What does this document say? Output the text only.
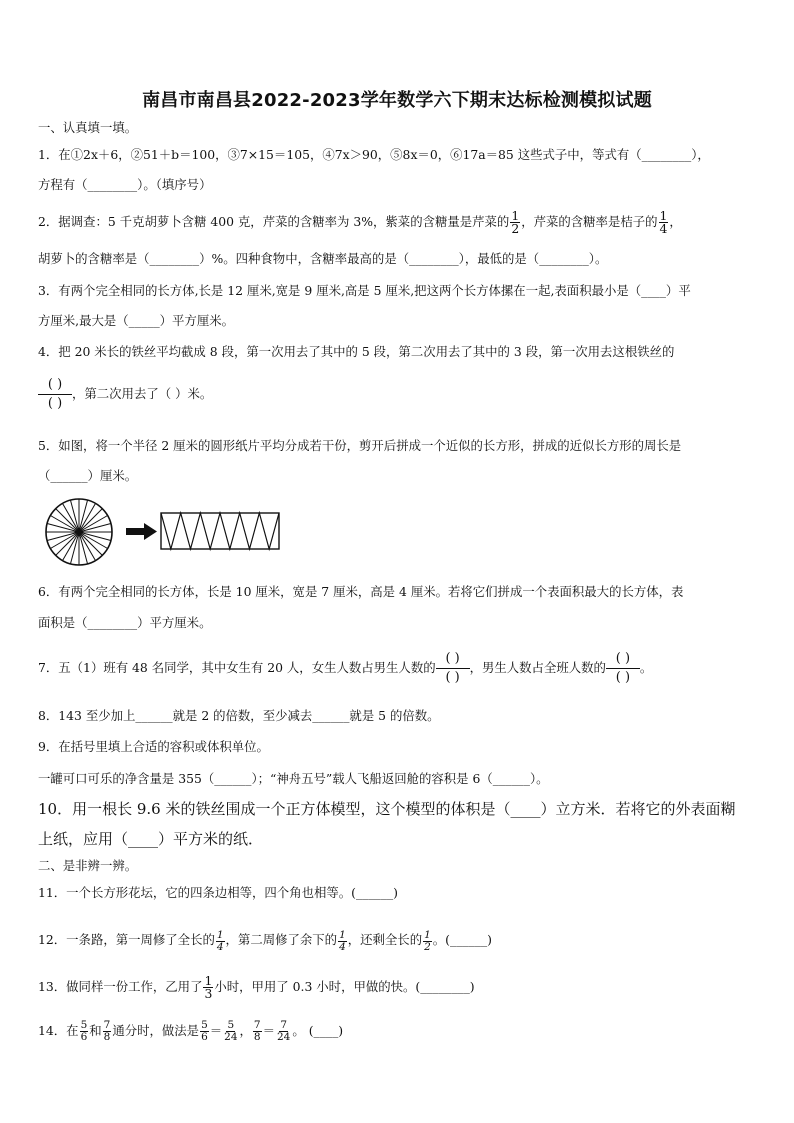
南昌市南昌县2022-2023学年数学六下期末达标检测模拟试题
一、认真填一填。
1．在①2x＋6，②51＋b＝100，③7×15＝105，④7x＞90，⑤8x＝0，⑥17a＝85 这些式子中，等式有（________），
方程有（________）。（填序号）
2．据调查：5 千克胡萝卜含糖 400 克，芹菜的含糖率为 3%，紫菜的含糖量是芹菜的 $\frac{1}{2}$ ，芹菜的含糖率是桔子的 $\frac{1}{4}$ ，
胡萝卜的含糖率是（________）%。四种食物中，含糖率最高的是（________），最低的是（________）。
3．有两个完全相同的长方体,长是 12 厘米,宽是 9 厘米,高是 5 厘米,把这两个长方体摞在一起,表面积最小是（____）平
方厘米,最大是（_____）平方厘米。
4．把 20 米长的铁丝平均截成 8 段，第一次用去了其中的 5 段，第二次用去了其中的 3 段，第一次用去这根铁丝的
( )
( )
，第二次用去了（ ）米。
5．如图，将一个半径 2 厘米的圆形纸片平均分成若干份，剪开后拼成一个近似的长方形，拼成的近似长方形的周长是
（______）厘米。
6．有两个完全相同的长方体，长是 10 厘米，宽是 7 厘米，高是 4 厘米。若将它们拼成一个表面积最大的长方体，表
面积是（________）平方厘米。
7．五（1）班有 48 名同学，其中女生有 20 人，女生人数占男生人数的
( )
( )
，男生人数占全班人数的
( )
( )
。
8．143 至少加上______就是 2 的倍数，至少减去______就是 5 的倍数。
9．在括号里填上合适的容积或体积单位。
一罐可口可乐的净含量是 355（______）；“神舟五号”载人飞船返回舱的容积是 6（______）。
10．用一根长 9.6 米的铁丝围成一个正方体模型，这个模型的体积是（____）立方米．若将它的外表面糊
上纸，应用（____）平方米的纸．
二、是非辨一辨。
11．一个长方形花坛，它的四条边相等，四个角也相等。(______)
12．一条路，第一周修了全长的 $\frac{1}{4}$ ，第二周修了余下的 $\frac{1}{4}$ ，还剩全长的 $\frac{1}{2}$ 。(______)
13．做同样一份工作，乙用了 $\frac{1}{3}$ 小时，甲用了 0.3 小时，甲做的快。(________)
14．在 $\frac{5}{6}$ 和 $\frac{7}{8}$ 通分时，做法是 $\frac{5}{6} = \frac{5}{24}$ ， $\frac{7}{8} = \frac{7}{24}$ 。 (____)
